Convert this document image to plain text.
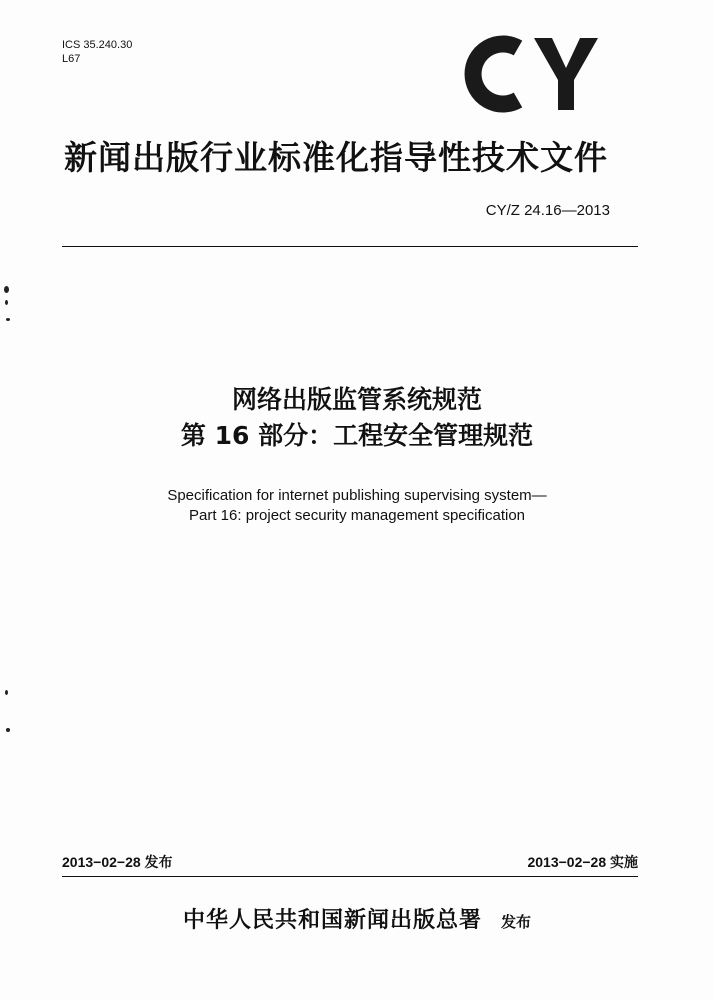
ICS 35.240.30
L67
新闻出版行业标准化指导性技术文件
CY/Z 24.16—2013
网络出版监管系统规范
第 16 部分：工程安全管理规范
Specification for internet publishing supervising system—
Part 16: project security management specification
2013−02−28 发布	2013−02−28 实施
中华人民共和国新闻出版总署 发布
